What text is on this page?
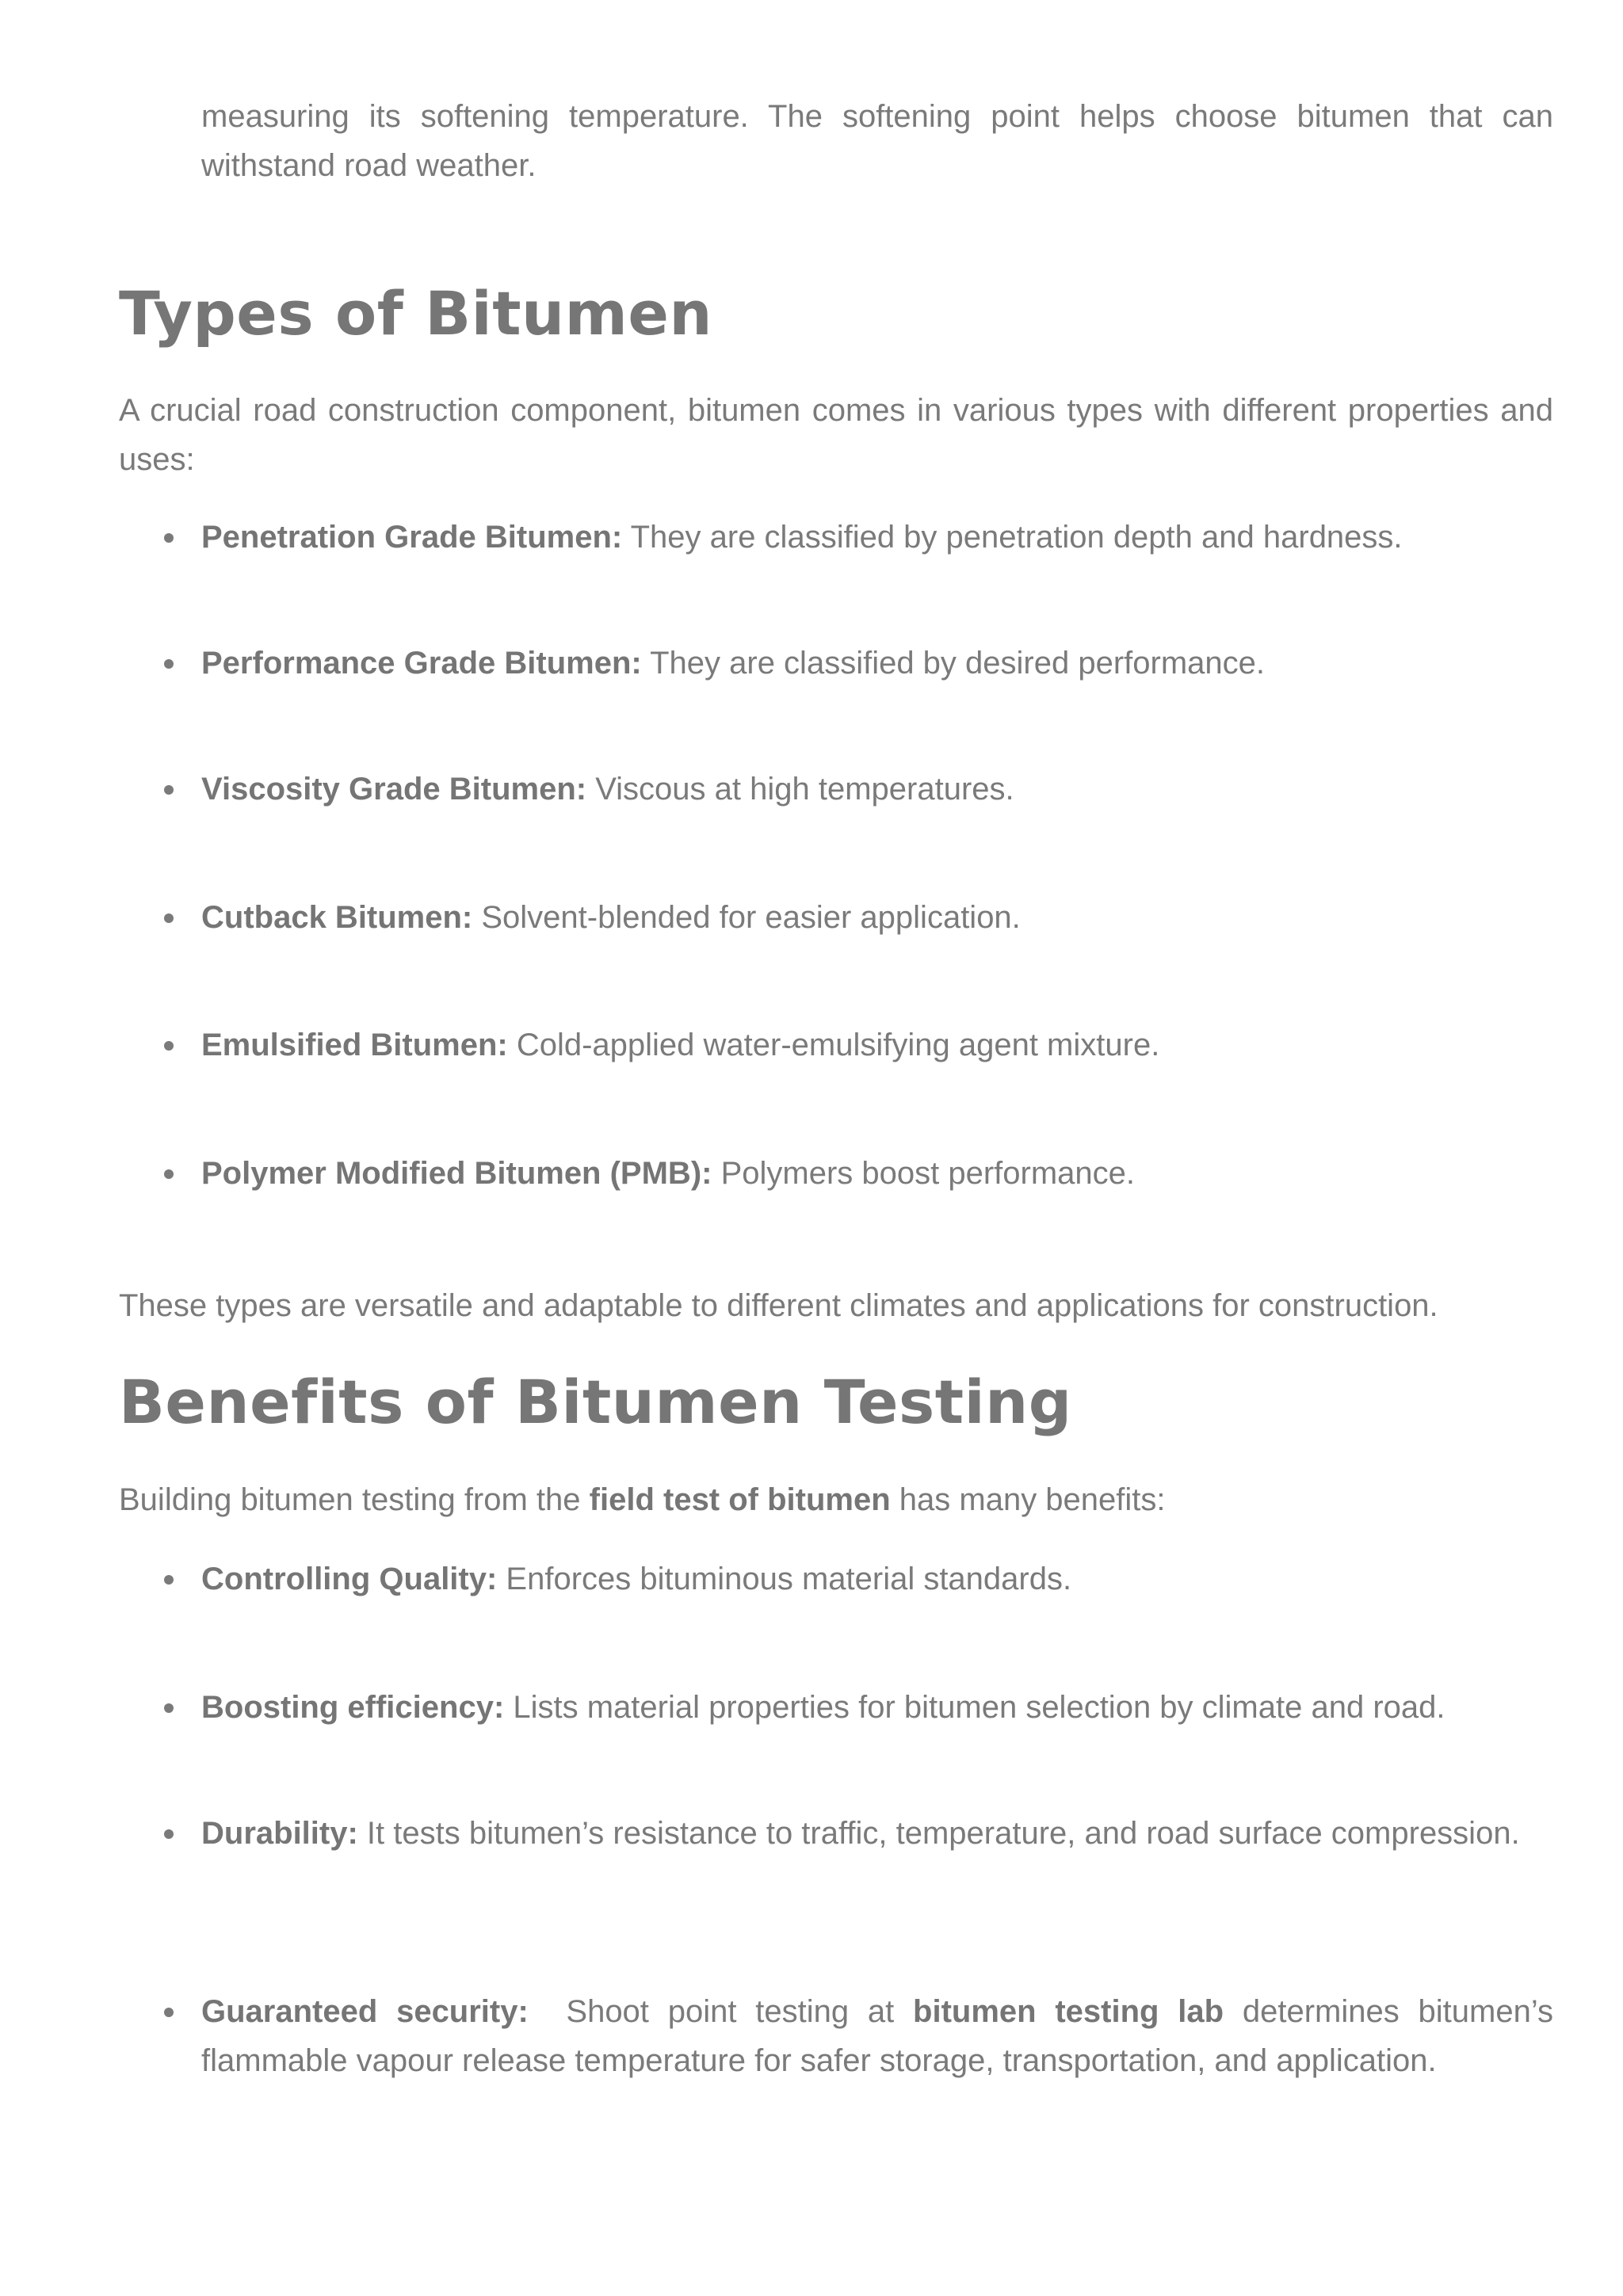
measuring its softening temperature. The softening point helps choose bitumen that can withstand road weather.

Types of Bitumen

A crucial road construction component, bitumen comes in various types with different properties and uses:

Penetration Grade Bitumen: They are classified by penetration depth and hardness.
Performance Grade Bitumen: They are classified by desired performance.
Viscosity Grade Bitumen: Viscous at high temperatures.
Cutback Bitumen: Solvent-blended for easier application.
Emulsified Bitumen: Cold-applied water-emulsifying agent mixture.
Polymer Modified Bitumen (PMB): Polymers boost performance.

These types are versatile and adaptable to different climates and applications for construction.

Benefits of Bitumen Testing

Building bitumen testing from the field test of bitumen has many benefits:

Controlling Quality: Enforces bituminous material standards.
Boosting efficiency: Lists material properties for bitumen selection by climate and road.
Durability: It tests bitumen’s resistance to traffic, temperature, and road surface compression.
Guaranteed security:  Shoot point testing at bitumen testing lab determines bitumen’s flammable vapour release temperature for safer storage, transportation, and application.
